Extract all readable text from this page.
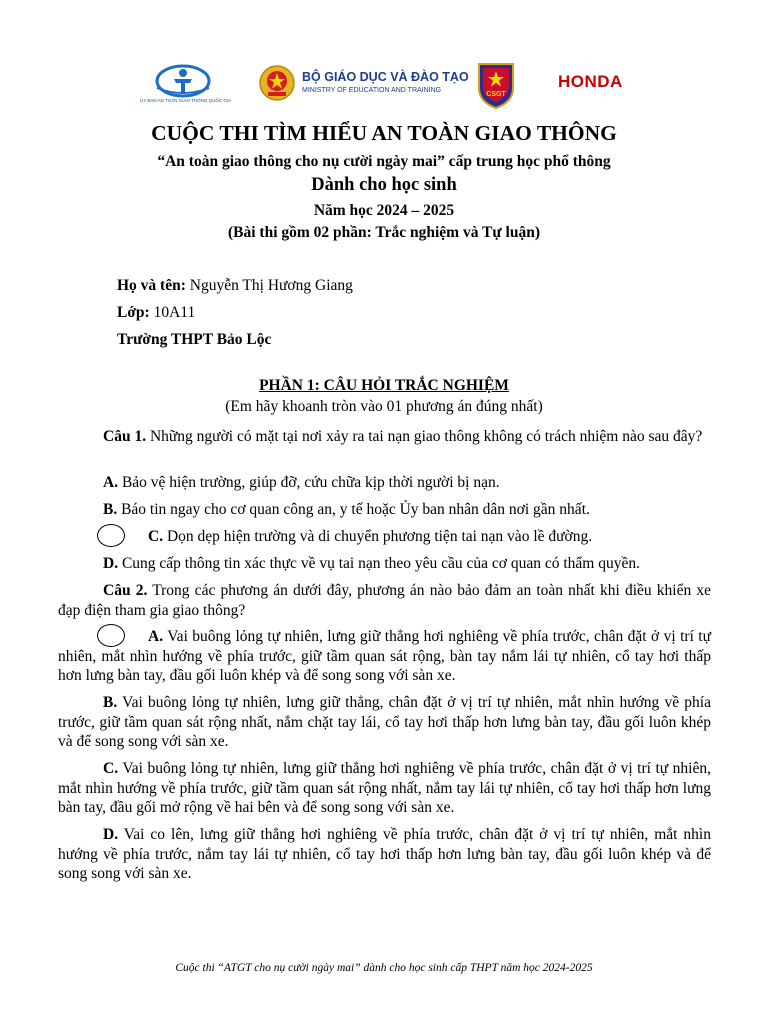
ỦY BAN AN TOÀN GIAO THÔNG QUỐC GIA
BỘ GIÁO DỤC VÀ ĐÀO TẠO
MINISTRY OF EDUCATION AND TRAINING
CSGT
HONDA
CUỘC THI TÌM HIỂU AN TOÀN GIAO THÔNG
“An toàn giao thông cho nụ cười ngày mai” cấp trung học phổ thông
Dành cho học sinh
Năm học 2024 – 2025
(Bài thi gồm 02 phần: Trắc nghiệm và Tự luận)
Họ và tên: Nguyễn Thị Hương Giang
Lớp: 10A11
Trường THPT Bảo Lộc
PHẦN 1: CÂU HỎI TRẮC NGHIỆM
(Em hãy khoanh tròn vào 01 phương án đúng nhất)
Câu 1. Những người có mặt tại nơi xảy ra tai nạn giao thông không có trách nhiệm nào sau đây?
A. Bảo vệ hiện trường, giúp đỡ, cứu chữa kịp thời người bị nạn.
B. Báo tin ngay cho cơ quan công an, y tế hoặc Ủy ban nhân dân nơi gần nhất.
C. Dọn dẹp hiện trường và di chuyển phương tiện tai nạn vào lề đường.
D. Cung cấp thông tin xác thực về vụ tai nạn theo yêu cầu của cơ quan có thẩm quyền.
Câu 2. Trong các phương án dưới đây, phương án nào bảo đảm an toàn nhất khi điều khiển xe đạp điện tham gia giao thông?
A. Vai buông lỏng tự nhiên, lưng giữ thẳng hơi nghiêng về phía trước, chân đặt ở vị trí tự nhiên, mắt nhìn hướng về phía trước, giữ tầm quan sát rộng, bàn tay nắm lái tự nhiên, cổ tay hơi thấp hơn lưng bàn tay, đầu gối luôn khép và để song song với sàn xe.
B. Vai buông lỏng tự nhiên, lưng giữ thẳng, chân đặt ở vị trí tự nhiên, mắt nhìn hướng về phía trước, giữ tầm quan sát rộng nhất, nắm chặt tay lái, cổ tay hơi thấp hơn lưng bàn tay, đầu gối luôn khép và để song song với sàn xe.
C. Vai buông lỏng tự nhiên, lưng giữ thẳng hơi nghiêng về phía trước, chân đặt ở vị trí tự nhiên, mắt nhìn hướng về phía trước, giữ tầm quan sát rộng nhất, nắm tay lái tự nhiên, cổ tay hơi thấp hơn lưng bàn tay, đầu gối mở rộng về hai bên và để song song với sàn xe.
D. Vai co lên, lưng giữ thẳng hơi nghiêng về phía trước, chân đặt ở vị trí tự nhiên, mắt nhìn hướng về phía trước, nắm tay lái tự nhiên, cổ tay hơi thấp hơn lưng bàn tay, đầu gối luôn khép và để song song với sàn xe.
Cuộc thi “ATGT cho nụ cười ngày mai” dành cho học sinh cấp THPT năm học 2024-2025
